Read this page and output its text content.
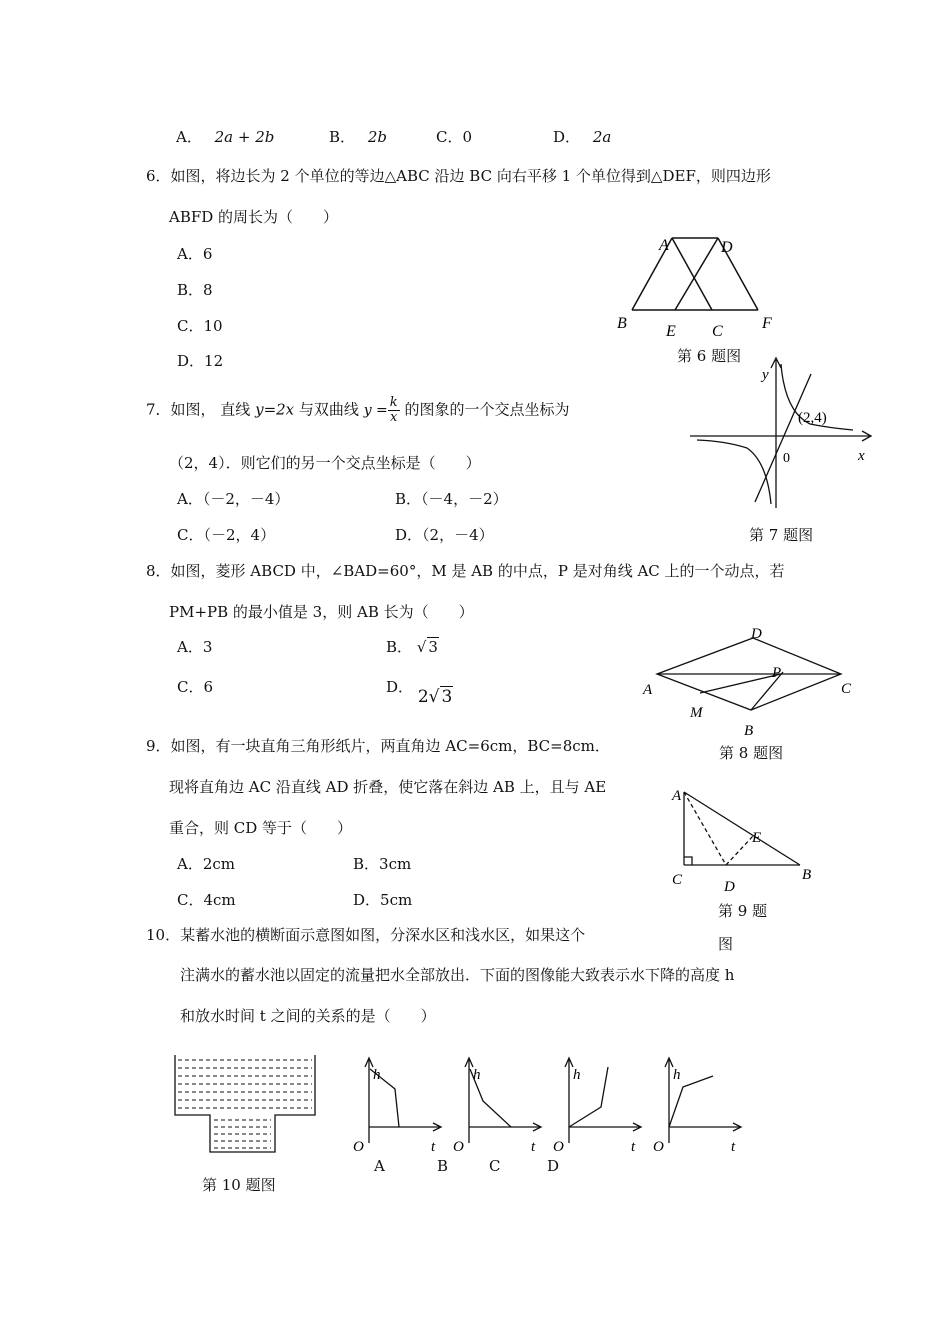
A． 2a + 2b	B． 2b	C．0	D． 2a
6．如图，将边长为 2 个单位的等边△ABC 沿边 BC 向右平移 1 个单位得到△DEF，则四边形
ABFD 的周长为（　　）
A．6
B．8
C．10
D．12
A	D
B E C F
第 6 题图
7．如图， 直线 y=2x 与双曲线 $y = \frac{k}{x}$ 的图象的一个交点坐标为
（2，4）．则它们的另一个交点坐标是（　　）
A．（－2，－4）	B．（－4，－2）
C．（－2，4）	D．（2，－4）
y
(2,4)
0	x
第 7 题图
8．如图，菱形 ABCD 中，∠BAD=60°，M 是 AB 的中点，P 是对角线 AC 上的一个动点，若
PM+PB 的最小值是 3，则 AB 长为（　　）
A．3	B． √ 3
C．6	D． 2√ 3
D
A	C
P
M
B
第 8 题图
9．如图，有一块直角三角形纸片，两直角边 AC=6cm，BC=8cm．
现将直角边 AC 沿直线 AD 折叠，使它落在斜边 AB 上，且与 AE
重合，则 CD 等于（　　）
A．2cm	B．3cm
C．4cm	D．5cm
A
E
C	D
B
第 9 题
图
10．某蓄水池的横断面示意图如图，分深水区和浅水区，如果这个
注满水的蓄水池以固定的流量把水全部放出．下面的图像能大致表示水下降的高度 h
和放水时间 t 之间的关系的是（　　）
第 10 题图
h
O	t
h
O	t
h
O	t
h
O	t
A	B	C	D
